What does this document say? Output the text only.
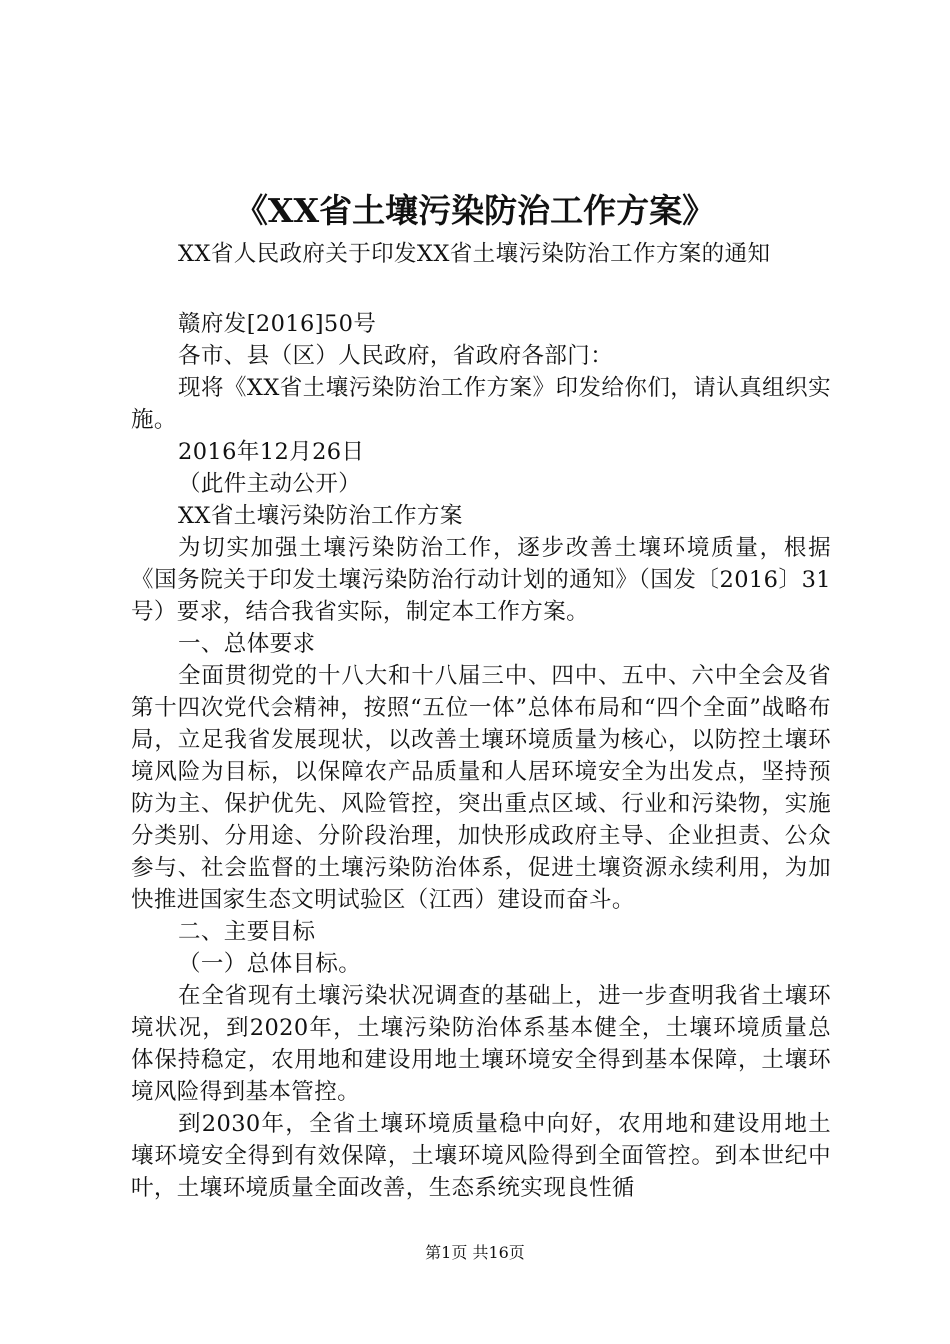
《XX省土壤污染防治工作方案》

XX省人民政府关于印发XX省土壤污染防治工作方案的通知

赣府发[2016]50号

各市、县（区）人民政府，省政府各部门：

现将《XX省土壤污染防治工作方案》印发给你们，请认真组织实施。

2016年12月26日

（此件主动公开）

XX省土壤污染防治工作方案

为切实加强土壤污染防治工作，逐步改善土壤环境质量，根据《国务院关于印发土壤污染防治行动计划的通知》（国发〔2016〕31号）要求，结合我省实际，制定本工作方案。

一、总体要求

全面贯彻党的十八大和十八届三中、四中、五中、六中全会及省第十四次党代会精神，按照“五位一体”总体布局和“四个全面”战略布局，立足我省发展现状，以改善土壤环境质量为核心，以防控土壤环境风险为目标，以保障农产品质量和人居环境安全为出发点，坚持预防为主、保护优先、风险管控，突出重点区域、行业和污染物，实施分类别、分用途、分阶段治理，加快形成政府主导、企业担责、公众参与、社会监督的土壤污染防治体系，促进土壤资源永续利用，为加快推进国家生态文明试验区（江西）建设而奋斗。

二、主要目标

（一）总体目标。

在全省现有土壤污染状况调查的基础上，进一步查明我省土壤环境状况，到2020年，土壤污染防治体系基本健全，土壤环境质量总体保持稳定，农用地和建设用地土壤环境安全得到基本保障，土壤环境风险得到基本管控。

到2030年，全省土壤环境质量稳中向好，农用地和建设用地土壤环境安全得到有效保障，土壤环境风险得到全面管控。到本世纪中叶，土壤环境质量全面改善，生态系统实现良性循

第1页 共16页
